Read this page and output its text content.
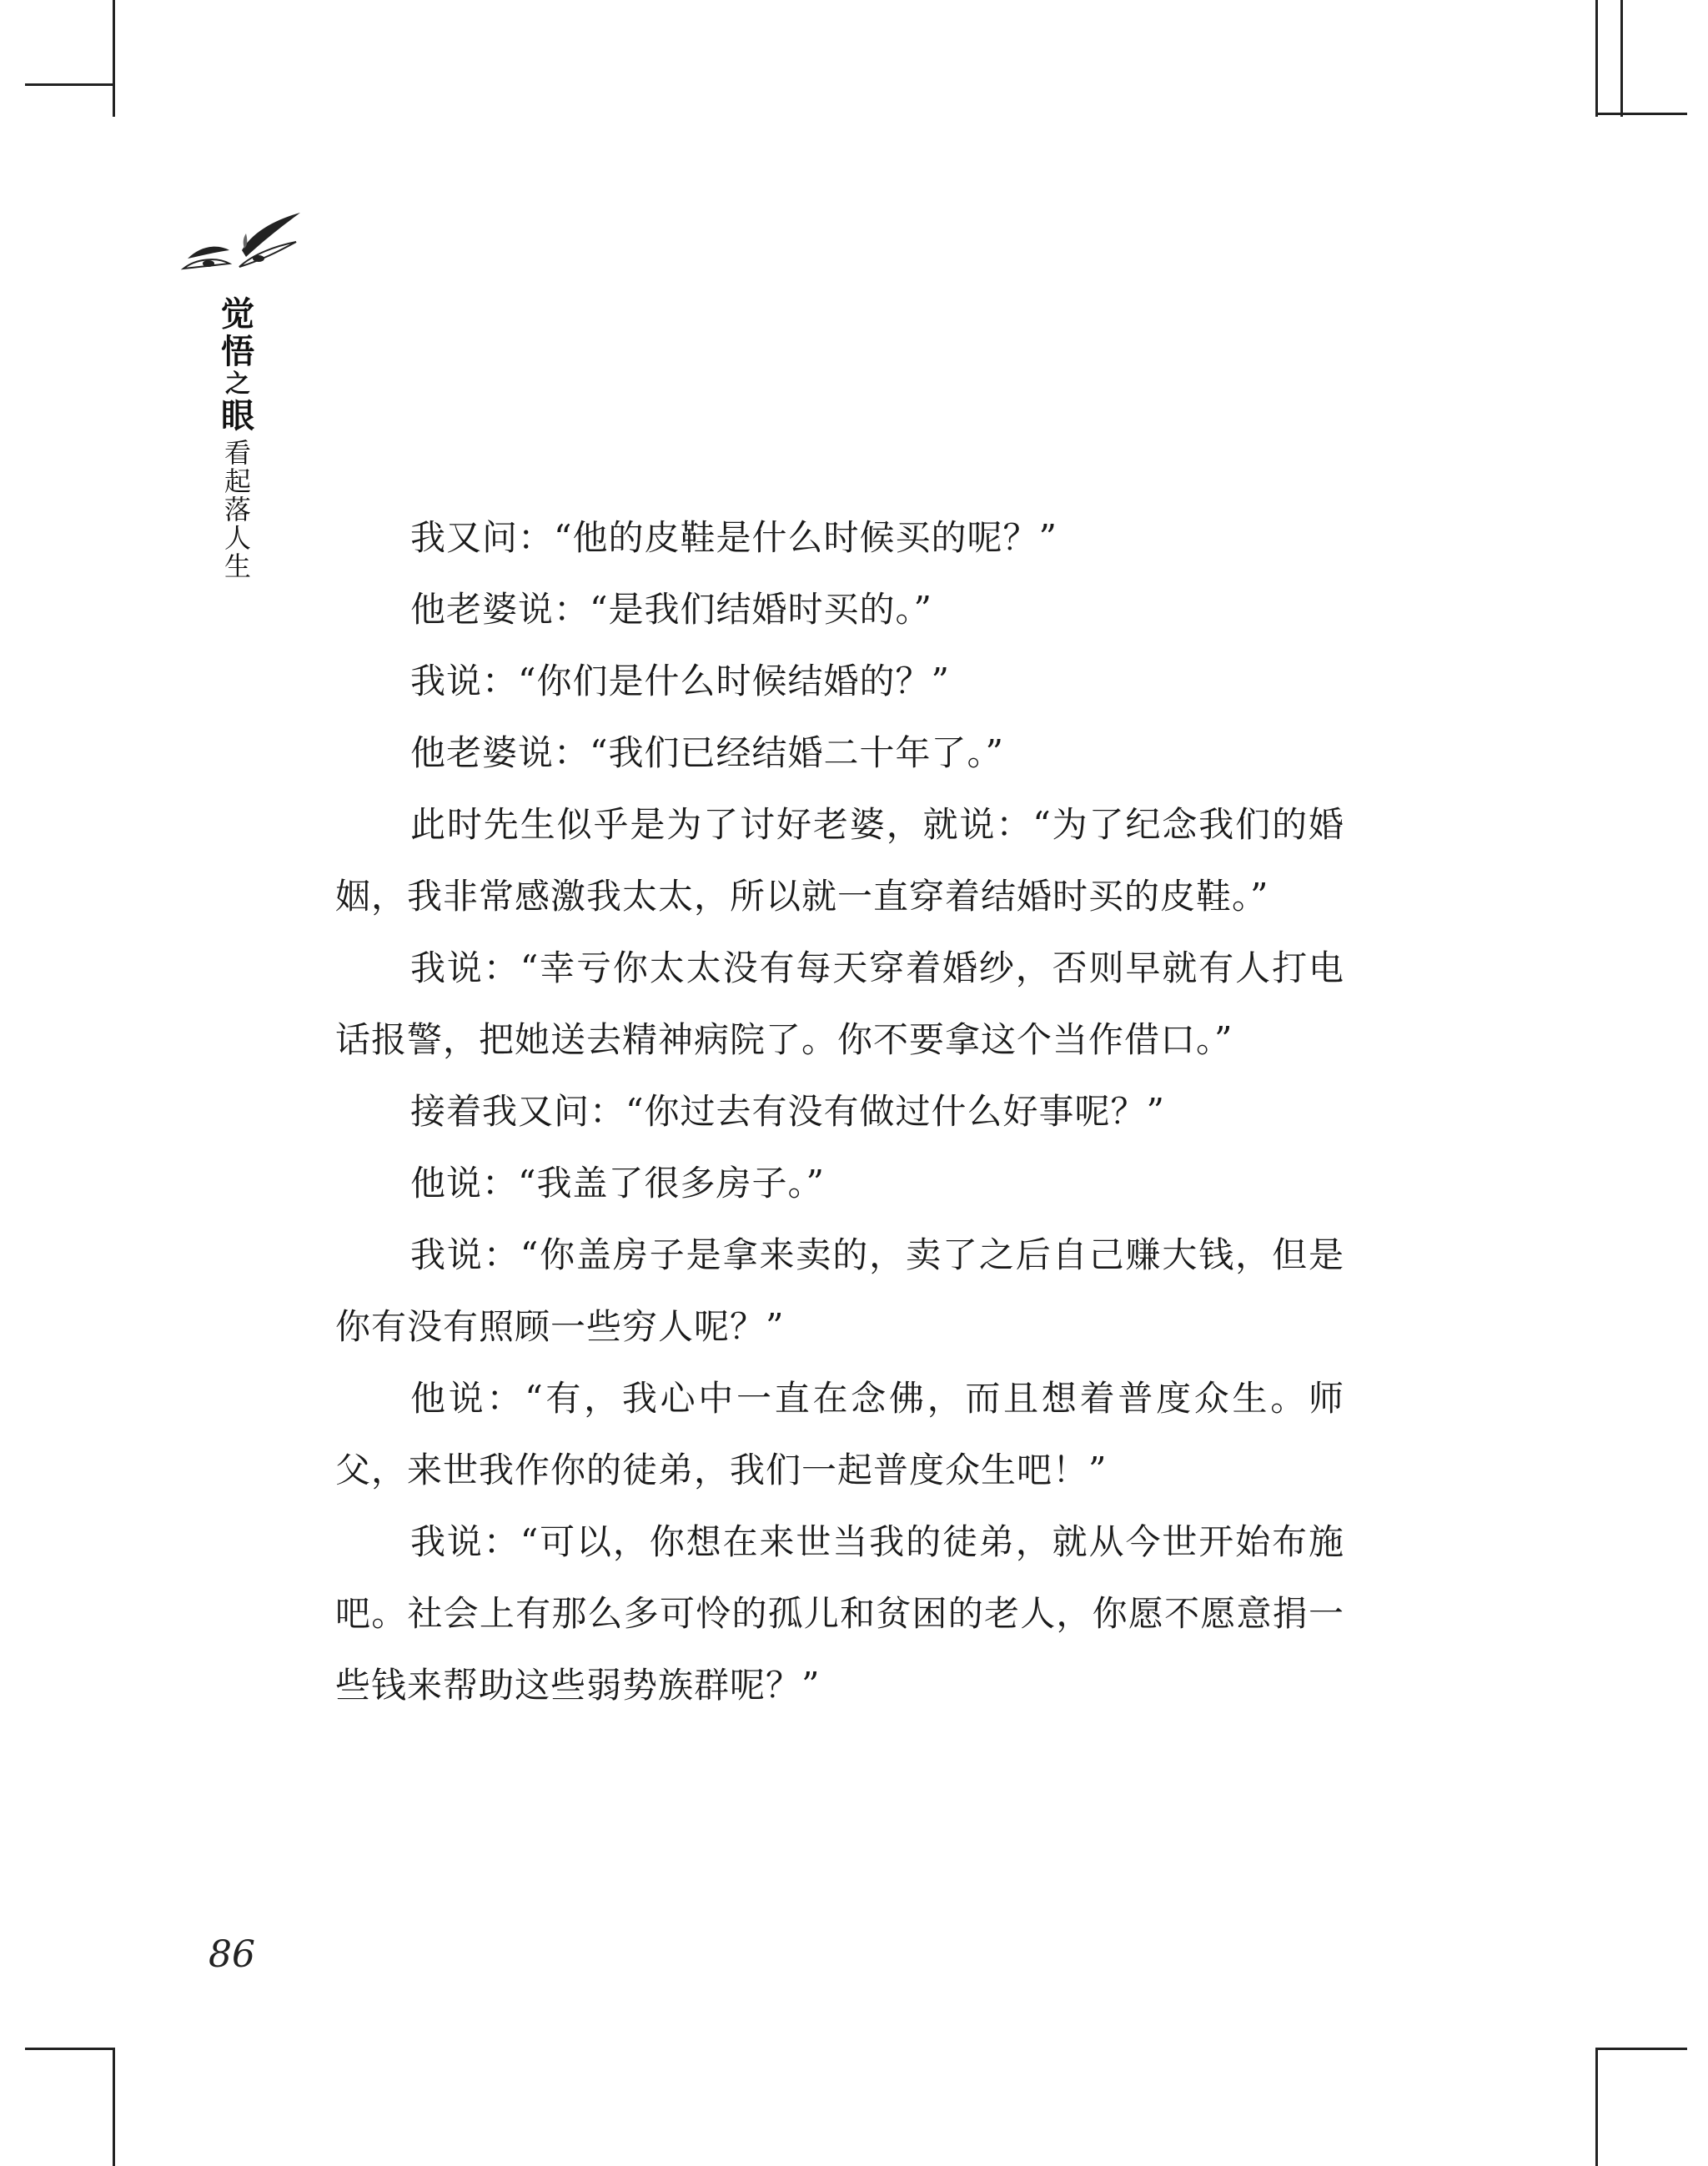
觉
悟
之
眼
看
起
落
人
生

我又问：“他的皮鞋是什么时候买的呢？”

他老婆说：“是我们结婚时买的。”

我说：“你们是什么时候结婚的？”

他老婆说：“我们已经结婚二十年了。”

此时先生似乎是为了讨好老婆，就说：“为了纪念我们的婚姻，我非常感激我太太，所以就一直穿着结婚时买的皮鞋。”

我说：“幸亏你太太没有每天穿着婚纱，否则早就有人打电话报警，把她送去精神病院了。你不要拿这个当作借口。”

接着我又问：“你过去有没有做过什么好事呢？”

他说：“我盖了很多房子。”

我说：“你盖房子是拿来卖的，卖了之后自己赚大钱，但是你有没有照顾一些穷人呢？”

他说：“有，我心中一直在念佛，而且想着普度众生。师父，来世我作你的徒弟，我们一起普度众生吧！”

我说：“可以，你想在来世当我的徒弟，就从今世开始布施吧。社会上有那么多可怜的孤儿和贫困的老人，你愿不愿意捐一些钱来帮助这些弱势族群呢？”

86
